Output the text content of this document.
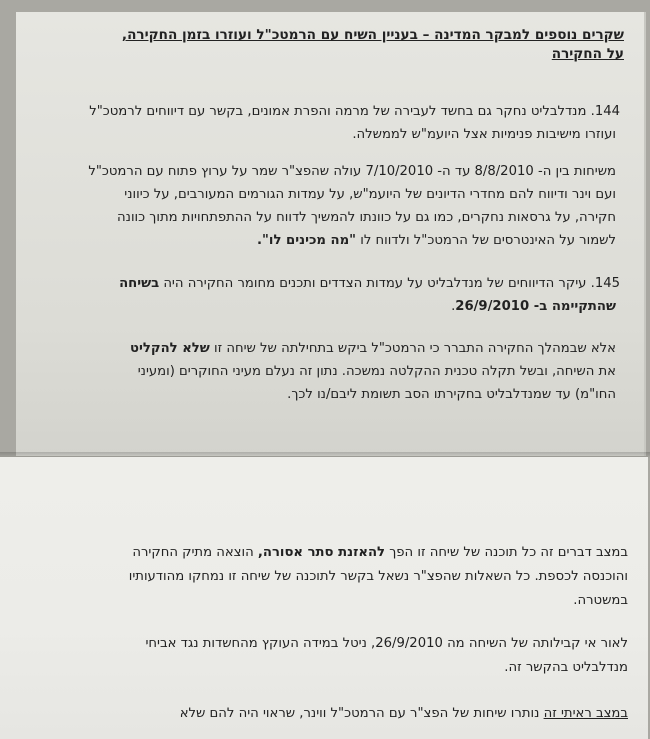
שקרים נוספים למבקר המדינה – בעניין השיח עם הרמטכ"ל ועוזרו בזמן החקירה,
על החקירה
144. מנדלבליט נחקר גם בחשד לעבירה של מרמה והפרת אמונים, בקשר עם דיווחים לרמטכ"ל
ועוזרו מישיבות פנימיות אצל היועמ"ש לממשלה.
משיחות בין ה- 8/8/2010 עד ה- 7/10/2010 עולה שהפצ"ר שמר על ערוץ פתוח עם הרמטכ"ל
ועם וינר ודיווח להם מחדרי הדיונים של היועמ"ש, על עמדות הגורמים המעורבים, על כיווני
חקירה, על גרסאות נחקרים, כמו גם על כוונתו להמשיך לדווח על ההתפתחויות מתוך כוונה
לשמור על האינטרסים של הרמטכ"ל ולדווח לו "מה מכינים לו".
145. עיקר הדיווחים של מנדלבליט על עמדות הצדדים ותכנים מחומר החקירה היה בשיחה
שהתקיימה ב- 26/9/2010.
אלא שבמהלך החקירה התברר כי הרמטכ"ל ביקש בתחילתה של שיחה זו שלא להקליט
את השיחה, ובשל תקלה טכנית ההקלטה נמשכה. נתון זה נעלם מעיני החוקרים (ומעיני
החו"מ) עד שמנדלבליט בחקירתו הסב תשומת ליבם/נו לכך.
במצב דברים זה כל תוכנה של שיחה זו הפך להאזנת סתר אסורה, הוצאה מתיק החקירה
והוכנסה לכספת. כל השאלות שהפצ"ר נשאל בקשר לתוכנה של שיחה זו נמחקו מהודעותיו
במשטרה.
לאור אי קבילותה של השיחה מה 26/9/2010, ניטל במידה העוקץ מהחשדות נגד אביחי
מנדלבליט בהקשר זה.
במצב ראיתי זה נותרו שיחות של הפצ"ר עם הרמטכ"ל ווינר, שראוי היה להם שלא
